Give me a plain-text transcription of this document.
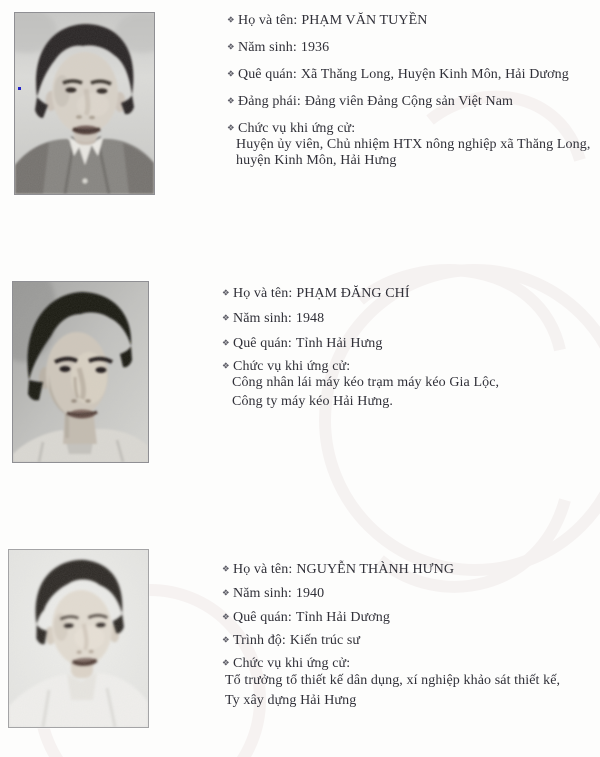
❖ Họ và tên: PHẠM VĂN TUYỀN
❖ Năm sinh: 1936
❖ Quê quán: Xã Thăng Long, Huyện Kinh Môn, Hải Dương
❖ Đảng phái: Đảng viên Đảng Cộng sản Việt Nam
❖ Chức vụ khi ứng cử:
Huyện ủy viên, Chủ nhiệm HTX nông nghiệp xã Thăng Long,
huyện Kinh Môn, Hải Hưng
❖ Họ và tên: PHẠM ĐĂNG CHÍ
❖ Năm sinh: 1948
❖ Quê quán: Tỉnh Hải Hưng
❖ Chức vụ khi ứng cử:
Công nhân lái máy kéo trạm máy kéo Gia Lộc,
Công ty máy kéo Hải Hưng.
❖ Họ và tên: NGUYỄN THÀNH HƯNG
❖ Năm sinh: 1940
❖ Quê quán: Tỉnh Hải Dương
❖ Trình độ: Kiến trúc sư
❖ Chức vụ khi ứng cử:
Tổ trưởng tổ thiết kế dân dụng, xí nghiệp khảo sát thiết kế,
Ty xây dựng Hải Hưng
